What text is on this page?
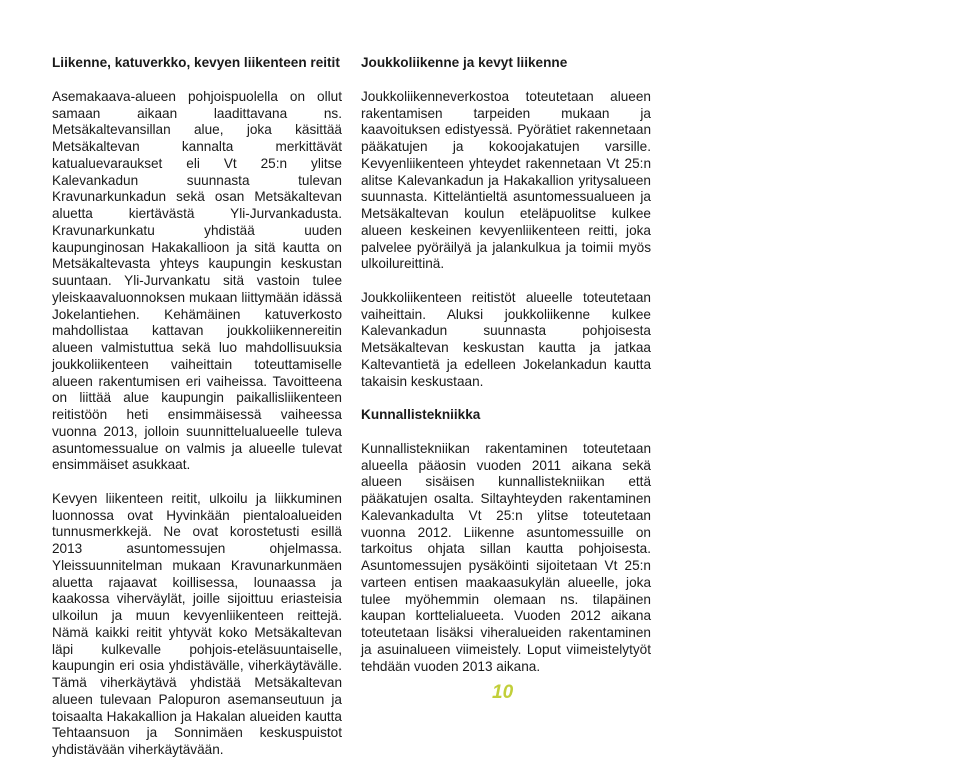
Liikenne, katuverkko, kevyen liikenteen reitit

Asemakaava-alueen pohjoispuolella on ollut samaan aikaan laadittavana ns. Metsäkaltevansillan alue, joka käsittää Metsäkaltevan kannalta merkittävät katualuevaraukset eli Vt 25:n ylitse Kalevankadun suunnasta tulevan Kravunarkunkadun sekä osan Metsäkaltevan aluetta kiertävästä Yli-Jurvankadusta. Kravunarkunkatu yhdistää uuden kaupunginosan Hakakallioon ja sitä kautta on Metsäkaltevasta yhteys kaupungin keskustan suuntaan. Yli-Jurvankatu sitä vastoin tulee yleiskaavaluonnoksen mukaan liittymään idässä Jokelantiehen. Kehämäinen katuverkosto mahdollistaa kattavan joukkoliikennereitin alueen valmistuttua sekä luo mahdollisuuksia joukkoliikenteen vaiheittain toteuttamiselle alueen rakentumisen eri vaiheissa. Tavoitteena on liittää alue kaupungin paikallisliikenteen reitistöön heti ensimmäisessä vaiheessa vuonna 2013, jolloin suunnittelualueelle tuleva asuntomessualue on valmis ja alueelle tulevat ensimmäiset asukkaat.

Kevyen liikenteen reitit, ulkoilu ja liikkuminen luonnossa ovat Hyvinkään pientaloalueiden tunnusmerkkejä. Ne ovat korostetusti esillä 2013 asuntomessujen ohjelmassa. Yleissuunnitelman mukaan Kravunarkunmäen aluetta rajaavat koillisessa, lounaassa ja kaakossa viherväylät, joille sijoittuu eriasteisia ulkoilun ja muun kevyenliikenteen reittejä. Nämä kaikki reitit yhtyvät koko Metsäkaltevan läpi kulkevalle pohjois-eteläsuuntaiselle, kaupungin eri osia yhdistävälle, viherkäytävälle. Tämä viherkäytävä yhdistää Metsäkaltevan alueen tulevaan Palopuron asemanseutuun ja toisaalta Hakakallion ja Hakalan alueiden kautta Tehtaansuon ja Sonnimäen keskuspuistot yhdistävään viherkäytävään.

Joukkoliikenne ja kevyt liikenne

Joukkoliikenneverkostoa toteutetaan alueen rakentamisen tarpeiden mukaan ja kaavoituksen edistyessä. Pyörätiet rakennetaan pääkatujen ja kokoojakatujen varsille. Kevyenliikenteen yhteydet rakennetaan Vt 25:n alitse Kalevankadun ja Hakakallion yritysalueen suunnasta. Kitteläntieltä asuntomessualueen ja Metsäkaltevan koulun eteläpuolitse kulkee alueen keskeinen kevyenliikenteen reitti, joka palvelee pyöräilyä ja jalankulkua ja toimii myös ulkoilureittinä.

Joukkoliikenteen reitistöt alueelle toteutetaan vaiheittain. Aluksi joukkoliikenne kulkee Kalevankadun suunnasta pohjoisesta Metsäkaltevan keskustan kautta ja jatkaa Kaltevantietä ja edelleen Jokelankadun kautta takaisin keskustaan.

Kunnallistekniikka

Kunnallistekniikan rakentaminen toteutetaan alueella pääosin vuoden 2011 aikana sekä alueen sisäisen kunnallistekniikan että pääkatujen osalta. Siltayhteyden rakentaminen Kalevankadulta Vt 25:n ylitse toteutetaan vuonna 2012. Liikenne asuntomessuille on tarkoitus ohjata sillan kautta pohjoisesta. Asuntomessujen pysäköinti sijoitetaan Vt 25:n varteen entisen maakaasukylän alueelle, joka tulee myöhemmin olemaan ns. tilapäinen kaupan korttelialueeta. Vuoden 2012 aikana toteutetaan lisäksi viheralueiden rakentaminen ja asuinalueen viimeistely. Loput viimeistelytyöt tehdään vuoden 2013 aikana.

10
